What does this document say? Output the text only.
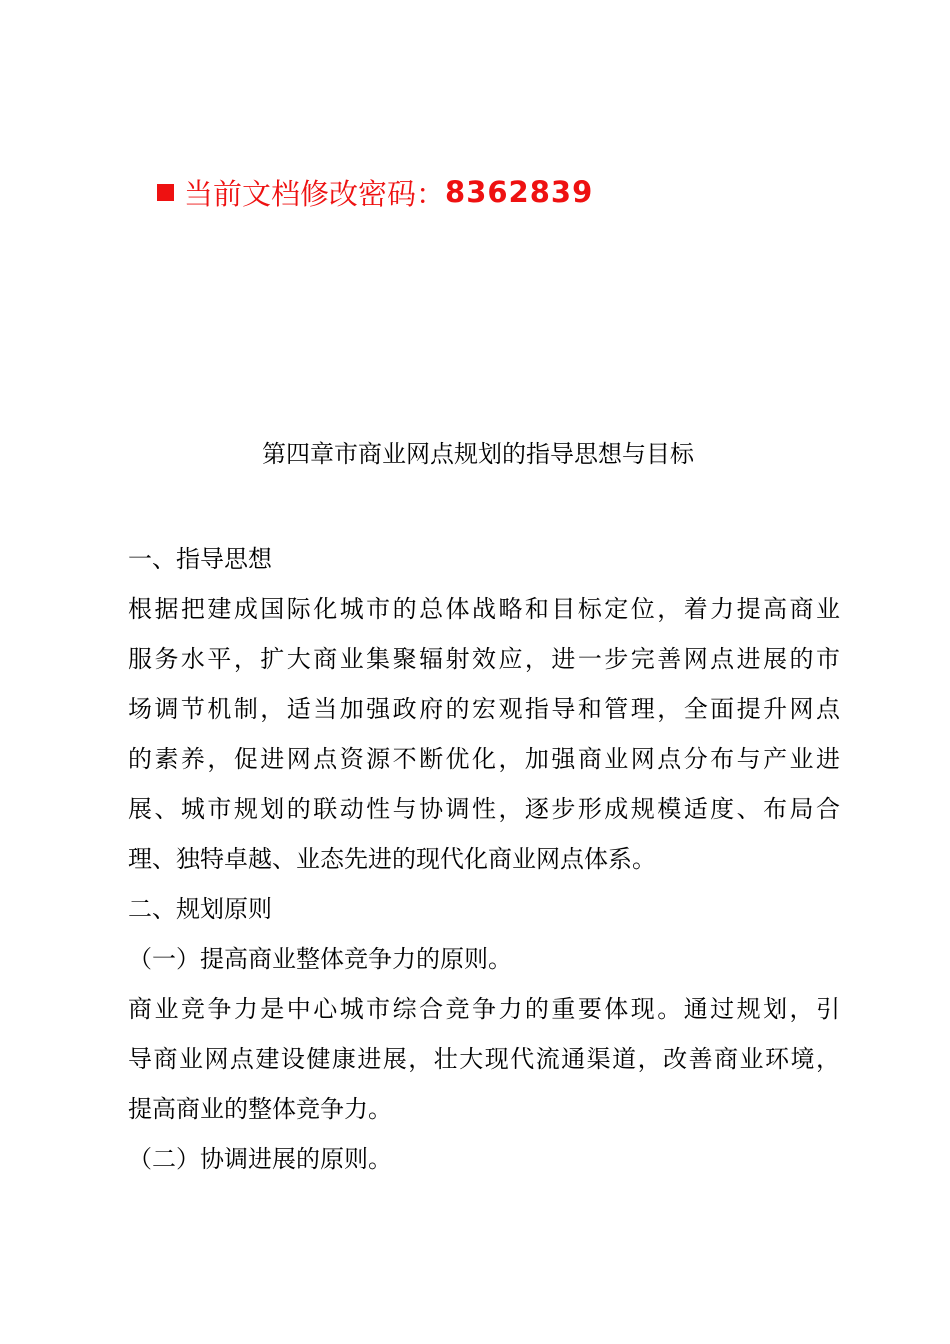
当前文档修改密码： 8362839
第四章市商业网点规划的指导思想与目标
一、指导思想
根据把建成国际化城市的总体战略和目标定位，着力提高商业
服务水平，扩大商业集聚辐射效应，进一步完善网点进展的市
场调节机制，适当加强政府的宏观指导和管理，全面提升网点
的素养，促进网点资源不断优化，加强商业网点分布与产业进
展、城市规划的联动性与协调性，逐步形成规模适度、布局合
理、独特卓越、业态先进的现代化商业网点体系。
二、规划原则
（一）提高商业整体竞争力的原则。
商业竞争力是中心城市综合竞争力的重要体现。通过规划，引
导商业网点建设健康进展，壮大现代流通渠道，改善商业环境，
提高商业的整体竞争力。
（二）协调进展的原则。
